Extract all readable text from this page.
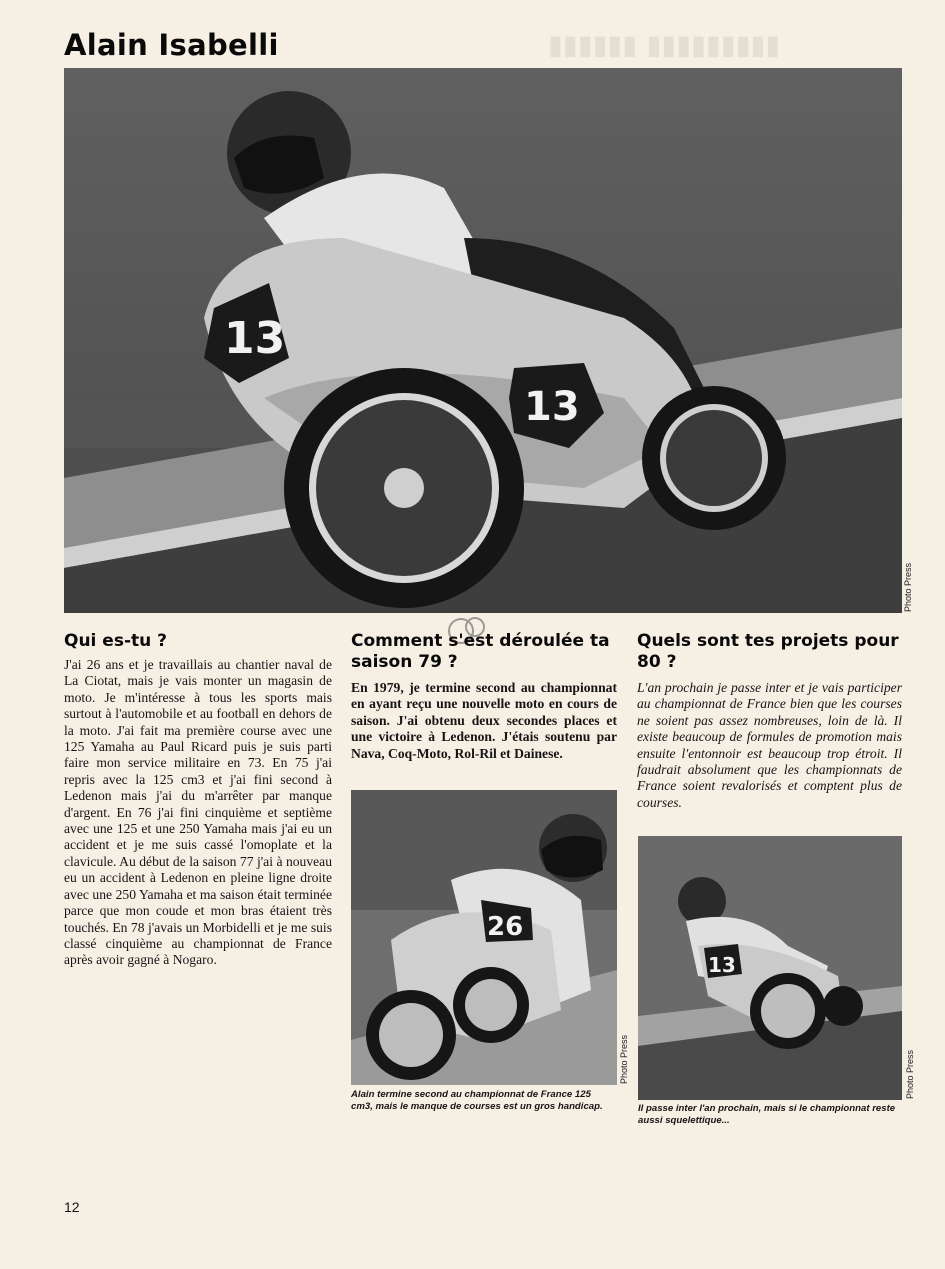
▮▮▮▮▮▮ ▮▮▮▮▮▮▮▮▮
Alain Isabelli
13
13
Photo Press
Qui es-tu ?
J'ai 26 ans et je travaillais au chantier naval de La Ciotat, mais je vais monter un magasin de moto. Je m'intéresse à tous les sports mais surtout à l'automobile et au football en dehors de la moto. J'ai fait ma première course avec une 125 Yamaha au Paul Ricard puis je suis parti faire mon service militaire en 73. En 75 j'ai repris avec la 125 cm3 et j'ai fini second à Ledenon mais j'ai du m'arrêter par manque d'argent. En 76 j'ai fini cinquième et septième avec une 125 et une 250 Yamaha mais j'ai eu un accident et je me suis cassé l'omoplate et la clavicule. Au début de la saison 77 j'ai à nouveau eu un accident à Ledenon en pleine ligne droite avec une 250 Yamaha et ma saison était terminée parce que mon coude et mon bras étaient très touchés. En 78 j'avais un Morbidelli et je me suis classé cinquième au championnat de France après avoir gagné à Nogaro.
Comment s'est déroulée ta saison 79 ?
En 1979, je termine second au championnat en ayant reçu une nouvelle moto en cours de saison. J'ai obtenu deux secondes places et une victoire à Ledenon. J'étais soutenu par Nava, Coq-Moto, Rol-Ril et Dainese.
26
Photo Press
Alain termine second au championnat de France 125 cm3, mais le manque de courses est un gros handicap.
Quels sont tes projets pour 80 ?
L'an prochain je passe inter et je vais participer au championnat de France bien que les courses ne soient pas assez nombreuses, loin de là. Il existe beaucoup de formules de promotion mais ensuite l'entonnoir est beaucoup trop étroit. Il faudrait absolument que les championnats de France soient revalorisés et comptent plus de courses.
13
Photo Press
Il passe inter l'an prochain, mais si le championnat reste aussi squelettique...
12
